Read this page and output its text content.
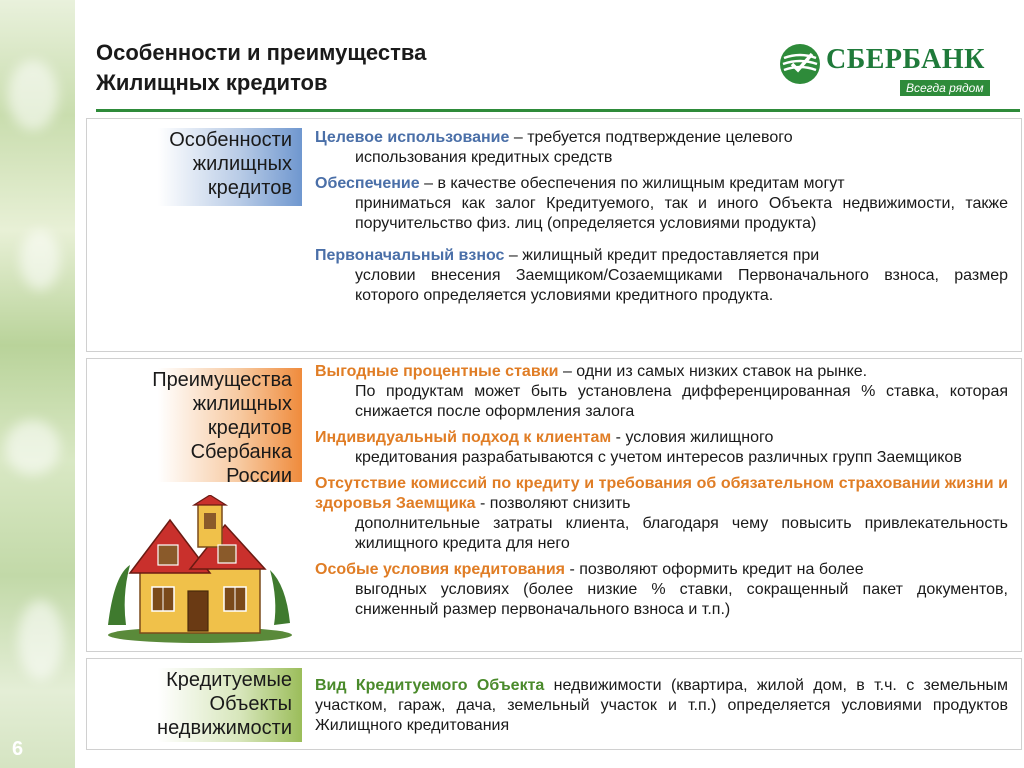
6
Особенности и преимущества
Жилищных кредитов
СБЕРБАНК
Всегда рядом
Особенности
жилищных
кредитов
Целевое использование – требуется подтверждение целевого
использования кредитных средств
Обеспечение – в качестве обеспечения по жилищным кредитам могут
приниматься как залог Кредитуемого, так и иного Объекта недвижимости, также поручительство физ. лиц (определяется условиями продукта)
Первоначальный взнос – жилищный кредит предоставляется при
условии внесения Заемщиком/Созаемщиками Первоначального взноса, размер которого определяется условиями кредитного продукта.
Преимущества
жилищных
кредитов
Сбербанка
России
Выгодные процентные ставки – одни из самых низких ставок на рынке.
По продуктам может быть установлена дифференцированная % ставка, которая снижается после оформления залога
Индивидуальный подход к клиентам - условия жилищного
кредитования разрабатываются с учетом интересов различных групп Заемщиков
Отсутствие комиссий по кредиту и требования об обязательном страховании жизни и здоровья Заемщика - позволяют снизить
дополнительные затраты клиента, благодаря чему повысить привлекательность жилищного кредита для него
Особые условия кредитования - позволяют оформить кредит на более
выгодных условиях (более низкие % ставки, сокращенный пакет документов, сниженный размер первоначального взноса и т.п.)
Кредитуемые
Объекты
недвижимости
Вид Кредитуемого Объекта недвижимости (квартира, жилой дом, в т.ч. с земельным участком, гараж, дача, земельный участок и т.п.) определяется условиями продуктов Жилищного кредитования
